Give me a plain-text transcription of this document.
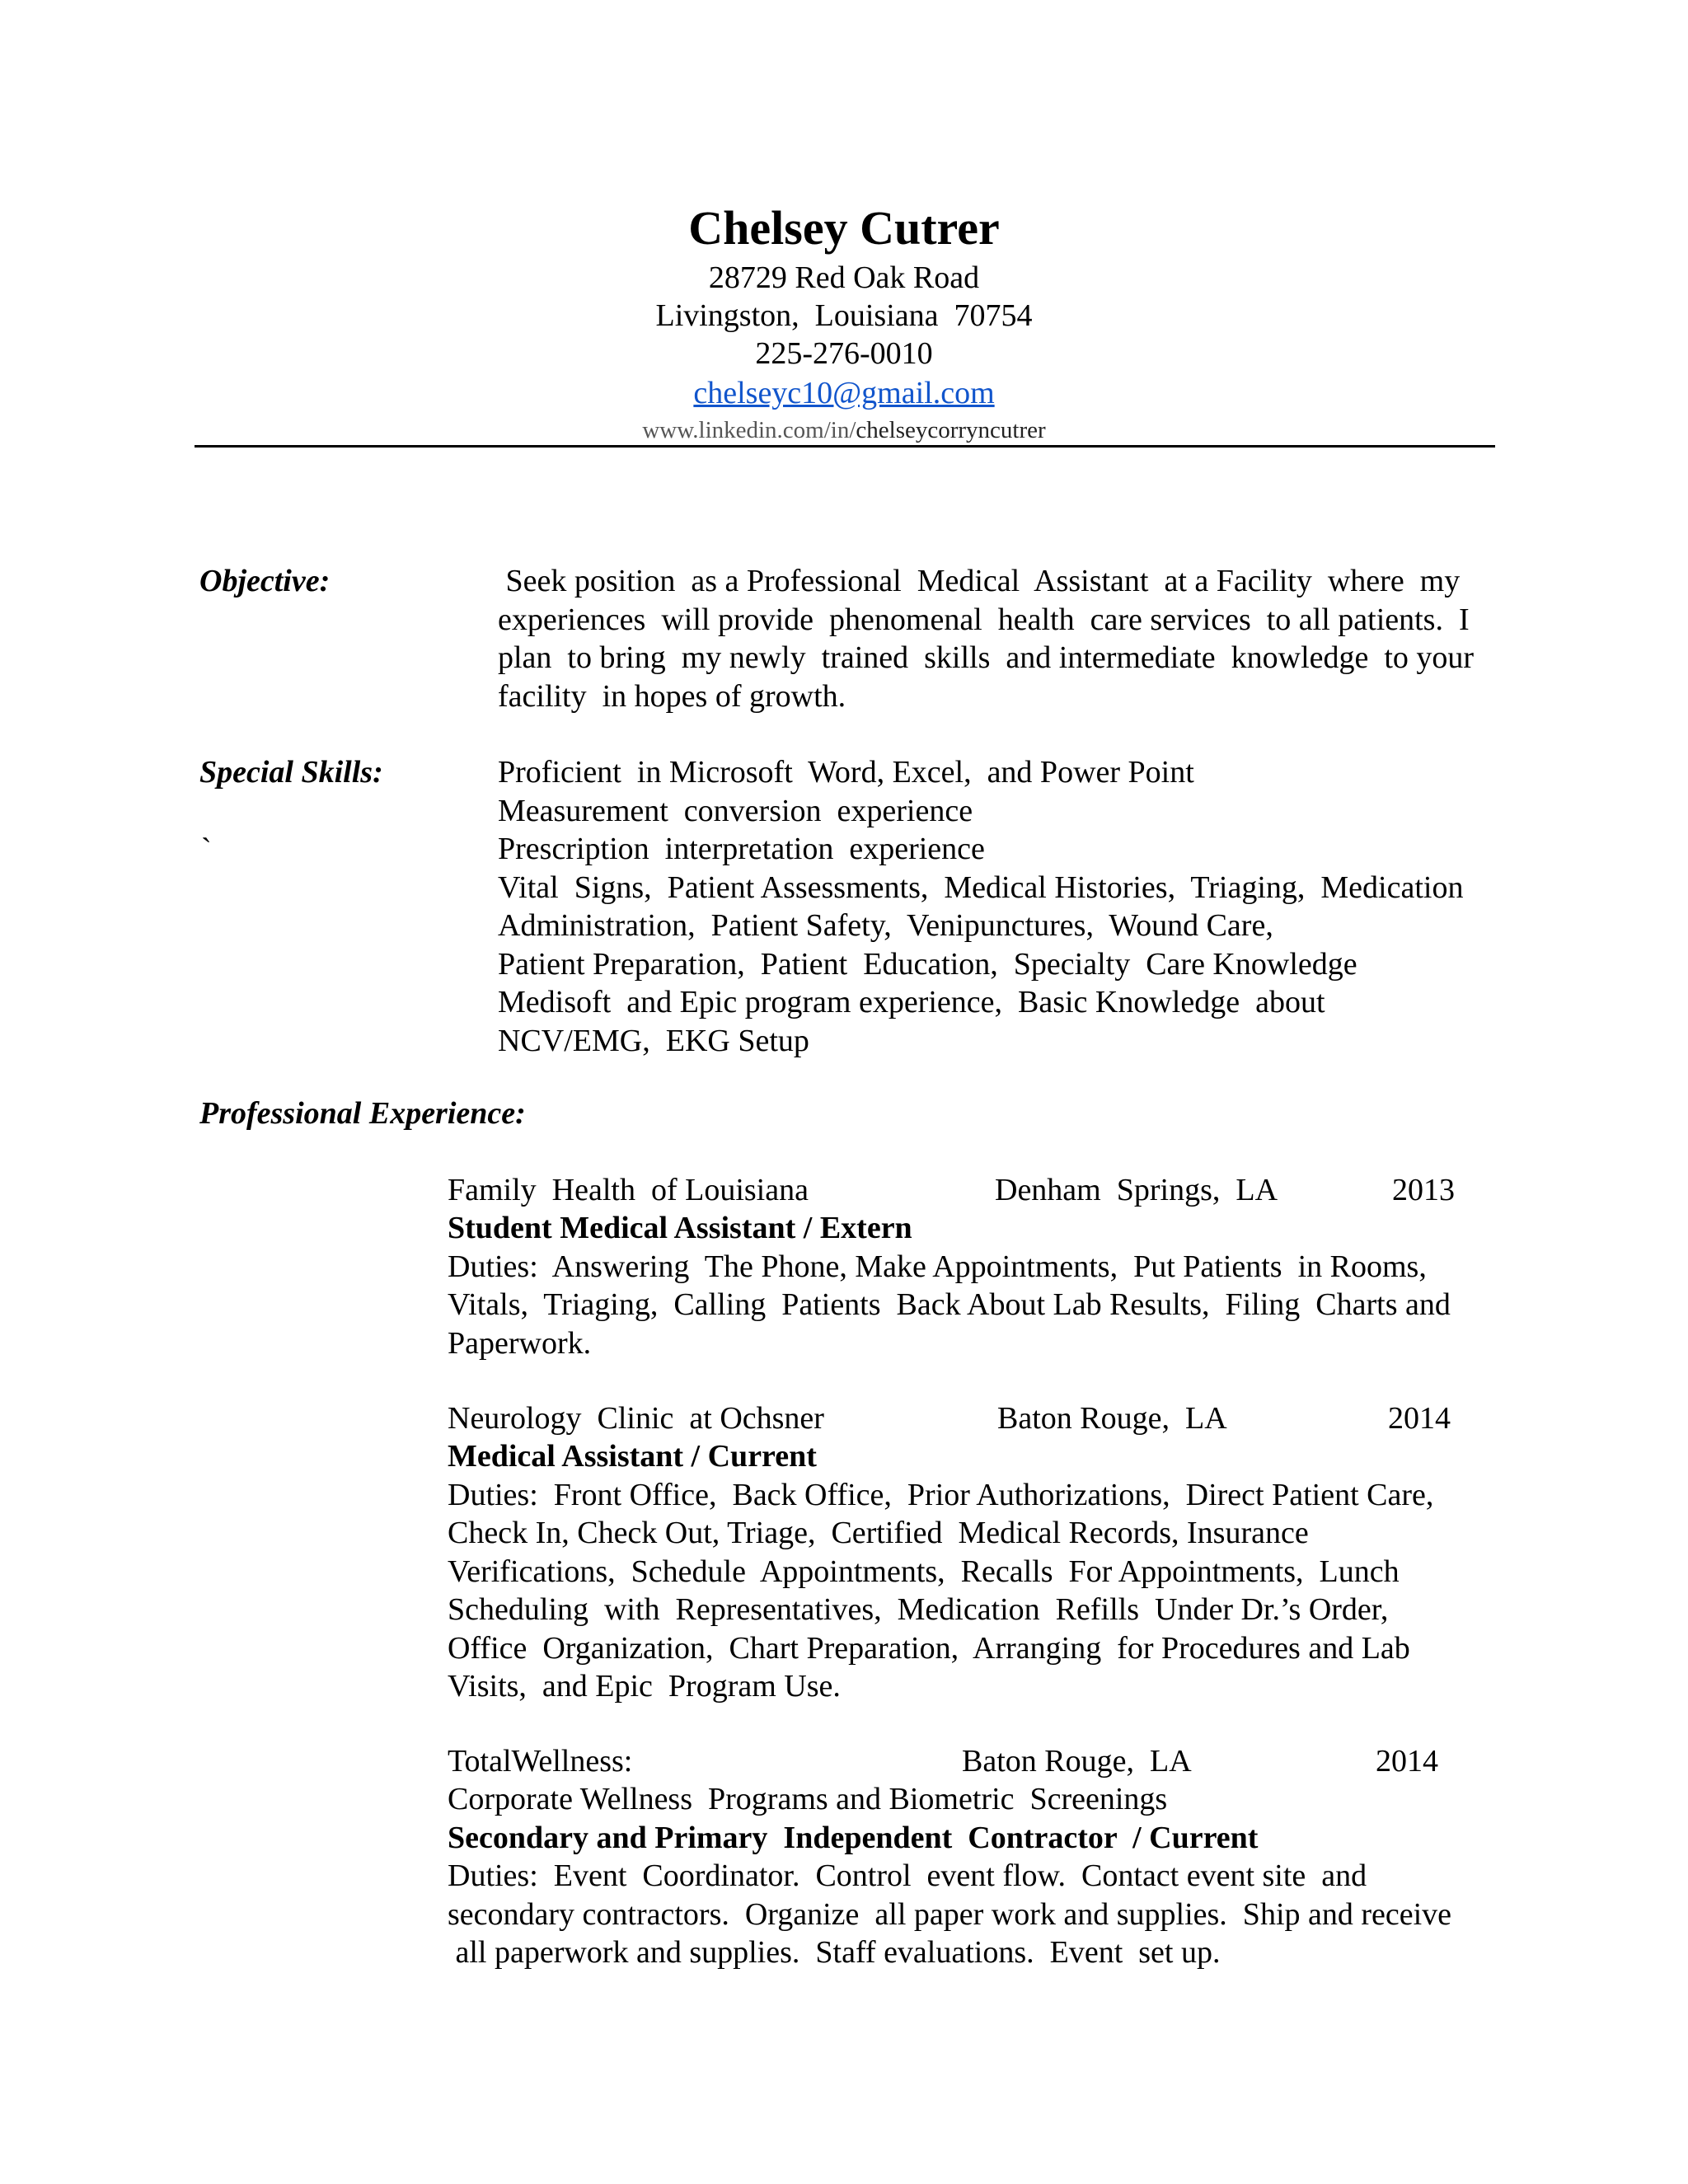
Chelsey Cutrer
28729 Red Oak Road
Livingston,  Louisiana  70754
225-276-0010
chelseyc10@gmail.com
www.linkedin.com/in/chelseycorryncutrer
Objective:	Seek position  as a Professional  Medical  Assistant  at a Facility  where  my
experiences  will provide  phenomenal  health  care services  to all patients.  I
plan  to bring  my newly  trained  skills  and intermediate  knowledge  to your
facility  in hopes of growth.
Special Skills:
`
Proficient  in Microsoft  Word, Excel,  and Power Point
Measurement  conversion  experience
Prescription  interpretation  experience
Vital  Signs,  Patient Assessments,  Medical Histories,  Triaging,  Medication
Administration,  Patient Safety,  Venipunctures,  Wound Care,
Patient Preparation,  Patient  Education,  Specialty  Care Knowledge
Medisoft  and Epic program experience,  Basic Knowledge  about
NCV/EMG,  EKG Setup
Professional Experience:
Family  Health  of Louisiana	Denham  Springs,  LA	2013
Student Medical Assistant / Extern
Duties:  Answering  The Phone, Make Appointments,  Put Patients  in Rooms,
Vitals,  Triaging,  Calling  Patients  Back About Lab Results,  Filing  Charts and
Paperwork.
Neurology  Clinic  at Ochsner	Baton Rouge,  LA	2014
Medical Assistant / Current
Duties:  Front Office,  Back Office,  Prior Authorizations,  Direct Patient Care,
Check In, Check Out, Triage,  Certified  Medical Records, Insurance
Verifications,  Schedule  Appointments,  Recalls  For Appointments,  Lunch
Scheduling  with  Representatives,  Medication  Refills  Under Dr.’s Order,
Office  Organization,  Chart Preparation,  Arranging  for Procedures and Lab
Visits,  and Epic  Program Use.
TotalWellness:	Baton Rouge,  LA	2014
Corporate Wellness  Programs and Biometric  Screenings
Secondary and Primary  Independent  Contractor  / Current
Duties:  Event  Coordinator.  Control  event flow.  Contact event site  and
secondary contractors.  Organize  all paper work and supplies.  Ship and receive
all paperwork and supplies.  Staff evaluations.  Event  set up.
